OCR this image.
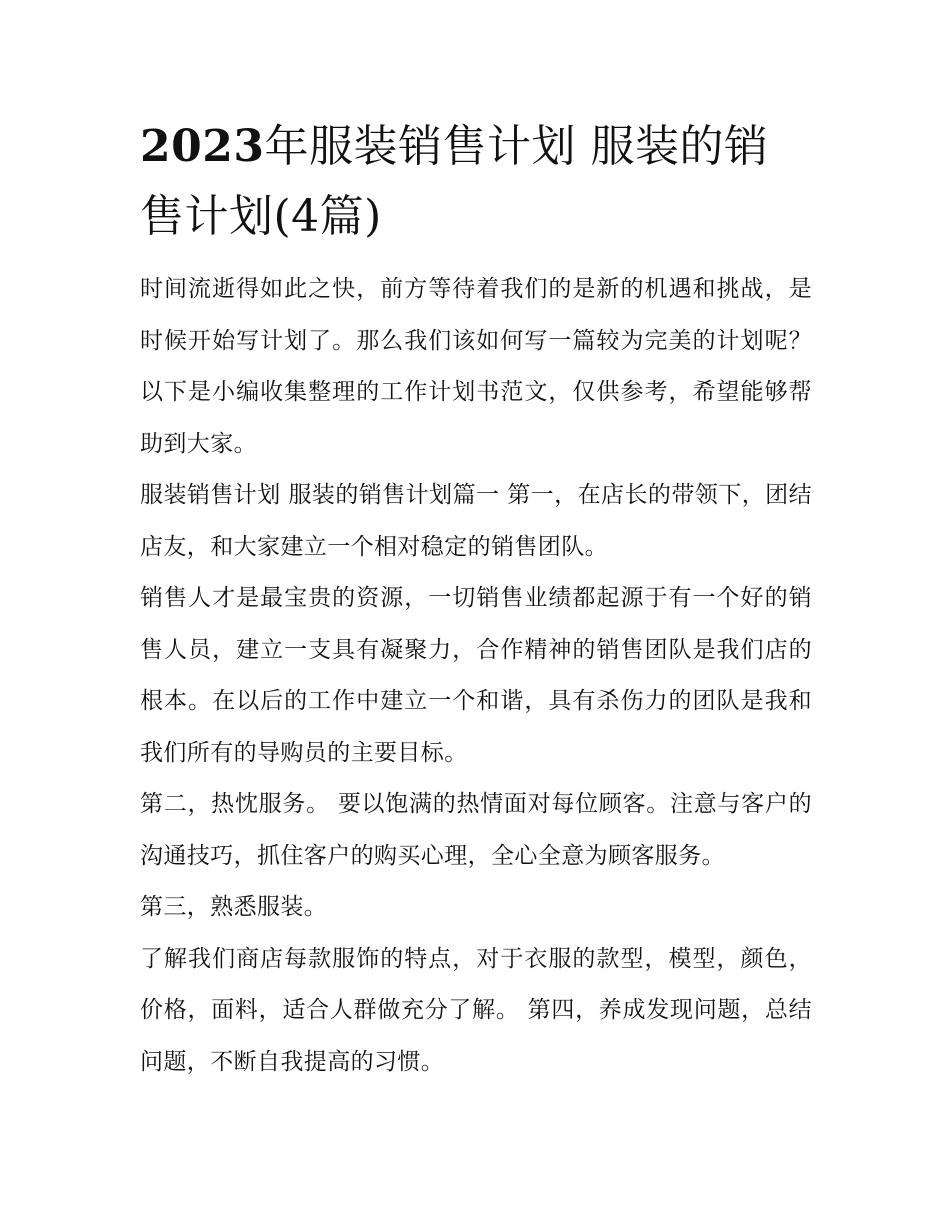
2023年服装销售计划 服装的销售计划(4篇)

时间流逝得如此之快，前方等待着我们的是新的机遇和挑战，是时候开始写计划了。那么我们该如何写一篇较为完美的计划呢？以下是小编收集整理的工作计划书范文，仅供参考，希望能够帮助到大家。

服装销售计划 服装的销售计划篇一 第一，在店长的带领下，团结店友，和大家建立一个相对稳定的销售团队。

销售人才是最宝贵的资源，一切销售业绩都起源于有一个好的销售人员，建立一支具有凝聚力，合作精神的销售团队是我们店的根本。在以后的工作中建立一个和谐，具有杀伤力的团队是我和我们所有的导购员的主要目标。

第二，热忱服务。 要以饱满的热情面对每位顾客。注意与客户的沟通技巧，抓住客户的购买心理，全心全意为顾客服务。

第三，熟悉服装。

了解我们商店每款服饰的特点，对于衣服的款型，模型，颜色，价格，面料，适合人群做充分了解。 第四，养成发现问题，总结问题，不断自我提高的习惯。
